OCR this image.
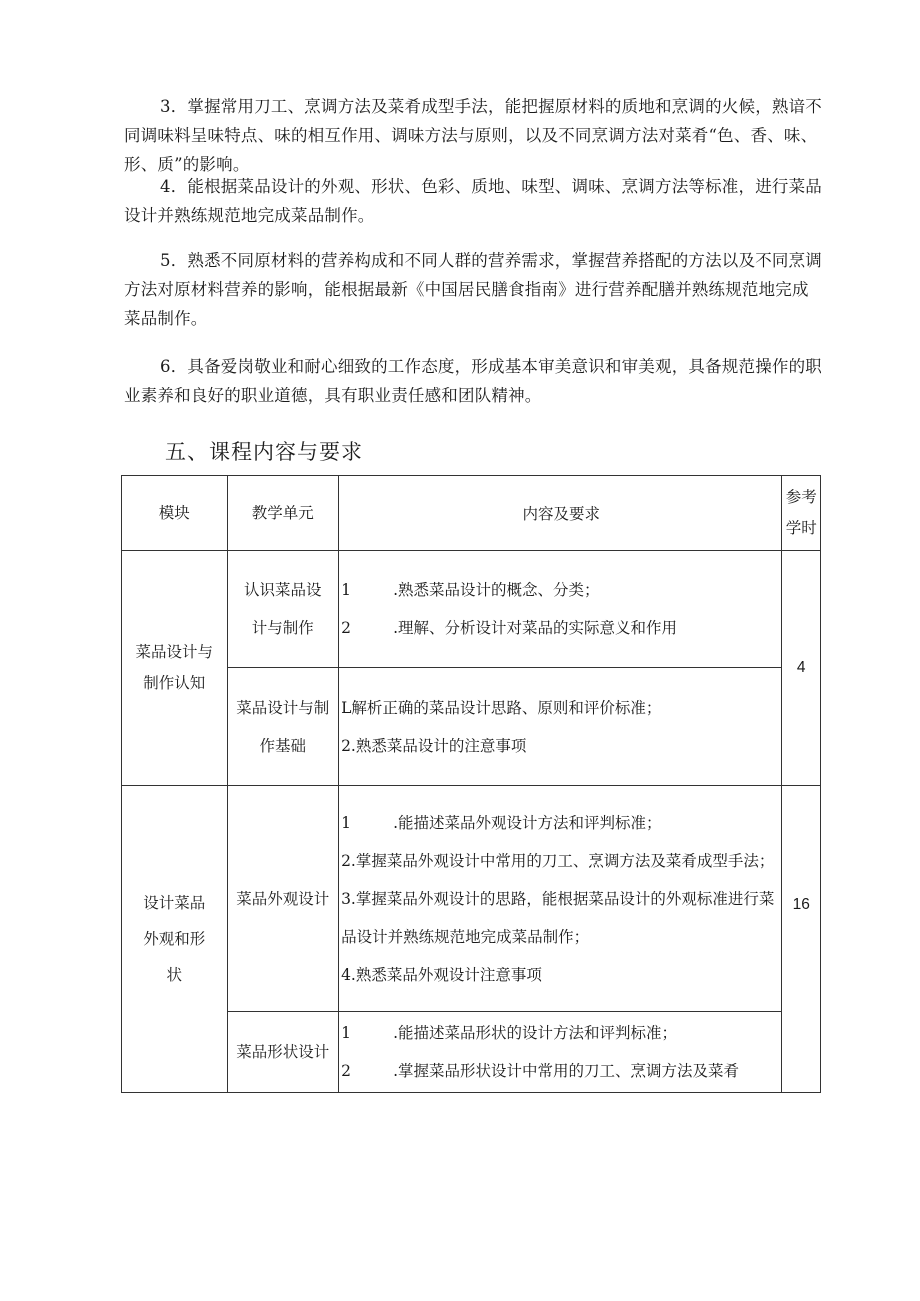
3．掌握常用刀工、烹调方法及菜肴成型手法，能把握原材料的质地和烹调的火候，熟谙不同调味料呈味特点、味的相互作用、调味方法与原则，以及不同烹调方法对菜肴“色、香、味、形、质”的影响。

4．能根据菜品设计的外观、形状、色彩、质地、味型、调味、烹调方法等标准，进行菜品设计并熟练规范地完成菜品制作。

5．熟悉不同原材料的营养构成和不同人群的营养需求，掌握营养搭配的方法以及不同烹调方法对原材料营养的影响，能根据最新《中国居民膳食指南》进行营养配膳并熟练规范地完成菜品制作。

6．具备爱岗敬业和耐心细致的工作态度，形成基本审美意识和审美观，具备规范操作的职业素养和良好的职业道德，具有职业责任感和团队精神。

五、课程内容与要求
模块	教学单元	内容及要求	参考学时
菜品设计与制作认知	认识菜品设计与制作	1 .熟悉菜品设计的概念、分类；
2 .理解、分析设计对菜品的实际意义和作用	4
	菜品设计与制作基础	L解析正确的菜品设计思路、原则和评价标准；
2.熟悉菜品设计的注意事项	

设计菜品外观和形状	菜品外观设计	1 .能描述菜品外观设计方法和评判标准；
2.掌握菜品外观设计中常用的刀工、烹调方法及菜肴成型手法；
3.掌握菜品外观设计的思路，能根据菜品设计的外观标准进行菜品设计并熟练规范地完成菜品制作；
4.熟悉菜品外观设计注意事项	16
	菜品形状设计	1 .能描述菜品形状的设计方法和评判标准；
2 .掌握菜品形状设计中常用的刀工、烹调方法及菜肴	
